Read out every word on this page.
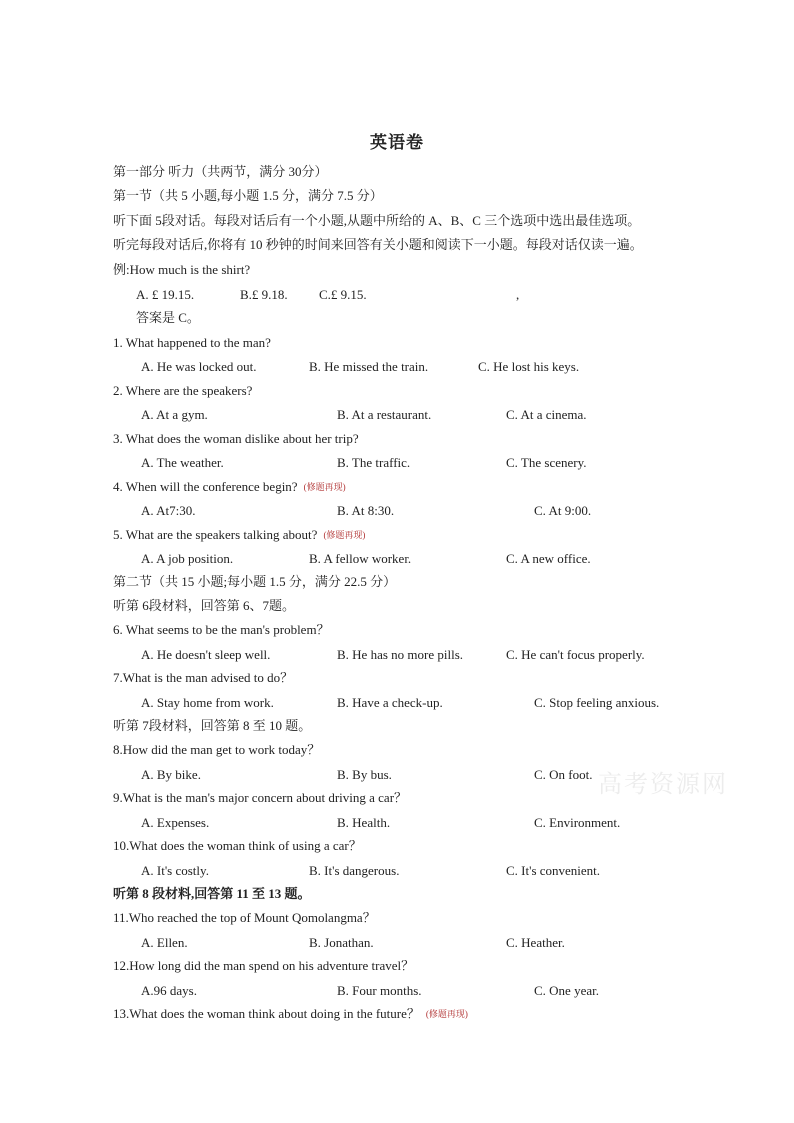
英语卷
第一部分 听力（共两节，满分 30分）
第一节（共 5 小题,每小题 1.5 分，满分 7.5 分）
听下面 5段对话。每段对话后有一个小题,从题中所给的 A、B、C 三个选项中选出最佳选项。
听完每段对话后,你将有 10 秒钟的时间来回答有关小题和阅读下一小题。每段对话仅读一遍。
例:How much is the shirt?
A. £ 19.15.	B.£ 9.18. C.£ 9.15.	,
答案是 C。
1. What happened to the man?
A. He was locked out.	B. He missed the train.	C. He lost his keys.
2. Where are the speakers?
A. At a gym.	B. At a restaurant.	C. At a cinema.
3. What does the woman dislike about her trip?
A. The weather.	B. The traffic.	C. The scenery.
4. When will the conference begin? (修题再现)
A. At7:30.	B. At 8:30.	C. At 9:00.
5. What are the speakers talking about? (修题再现)
A. A job position.	B. A fellow worker.	C. A new office.
第二节（共 15 小题;每小题 1.5 分，满分 22.5 分）
听第 6段材料，回答第 6、7题。
6. What seems to be the man's problem？
A. He doesn't sleep well.	B. He has no more pills.	C. He can't focus properly.
7.What is the man advised to do？
A. Stay home from work.	B. Have a check-up.	C. Stop feeling anxious.
听第 7段材料，回答第 8 至 10 题。
8.How did the man get to work today？
A. By bike.	B. By bus.	C. On foot. 高考资源网
9.What is the man's major concern about driving a car？
A. Expenses.	B. Health.	C. Environment.
10.What does the woman think of using a car？
A. It's costly.	B. It's dangerous.	C. It's convenient.
听第 8 段材料,回答第 11 至 13 题。
11.Who reached the top of Mount Qomolangma？
A. Ellen.	B. Jonathan.	C. Heather.
12.How long did the man spend on his adventure travel？
A.96 days.	B. Four months.	C. One year.
13.What does the woman think about doing in the future？ (修题再现)
